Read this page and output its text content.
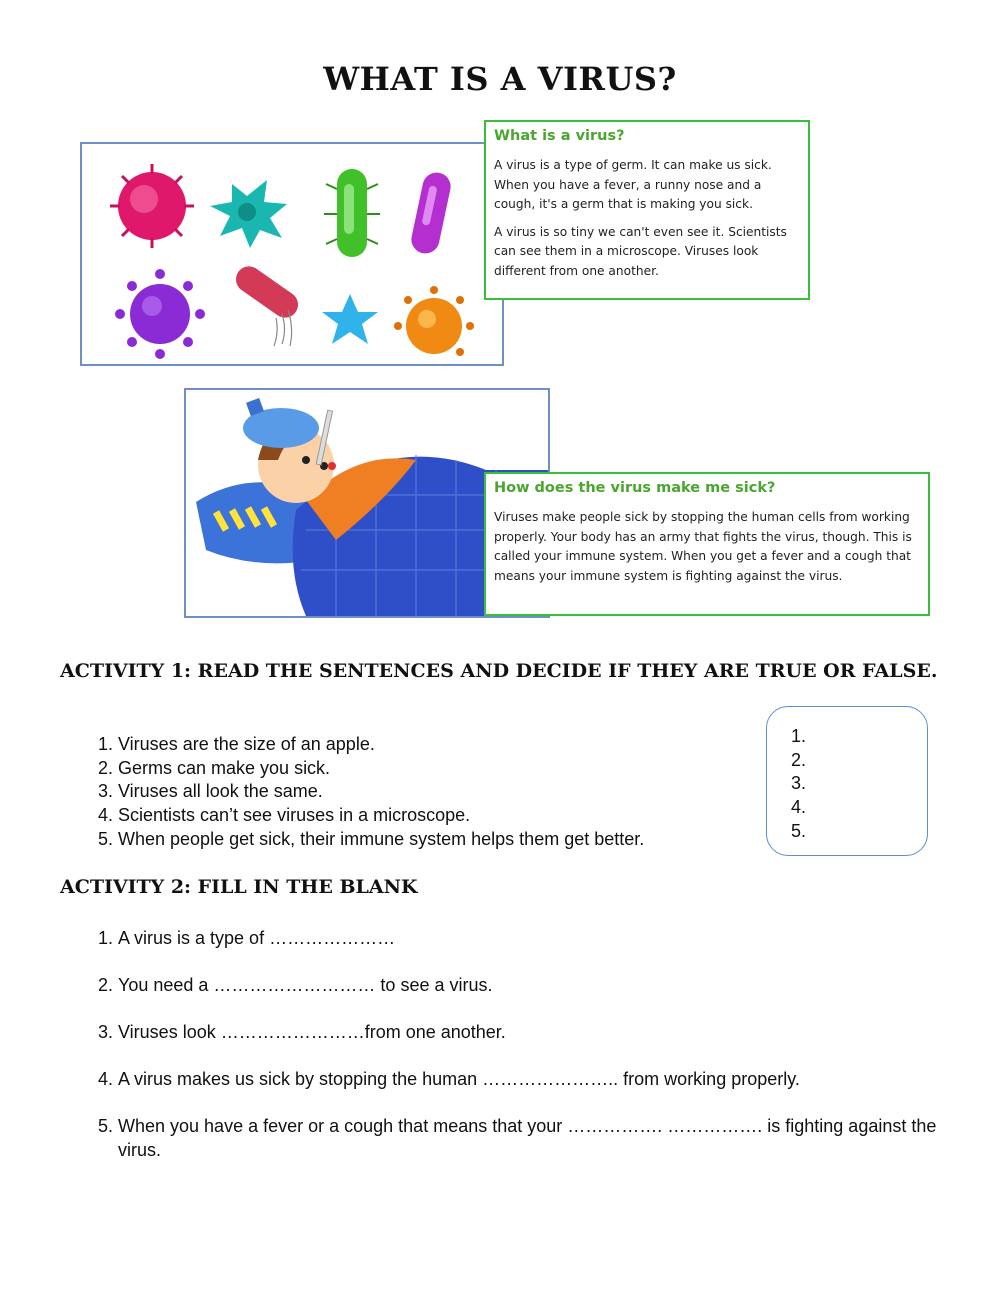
WHAT IS A VIRUS?
What is a virus?

A virus is a type of germ. It can make us sick. When you have a fever, a runny nose and a cough, it's a germ that is making you sick.

A virus is so tiny we can't even see it. Scientists can see them in a microscope. Viruses look different from one another.

How does the virus make me sick?

Viruses make people sick by stopping the human cells from working properly. Your body has an army that fights the virus, though. This is called your immune system. When you get a fever and a cough that means your immune system is fighting against the virus.

ACTIVITY 1: READ THE SENTENCES AND DECIDE IF THEY ARE TRUE OR FALSE.
1. Viruses are the size of an apple.
2. Germs can make you sick.
3. Viruses all look the same.
4. Scientists can’t see viruses in a microscope.
5. When people get sick, their immune system helps them get better.
1.
2.
3.
4.
5.
ACTIVITY 2: FILL IN THE BLANK
1. A virus is a type of …………………
2. You need a ……………………… to see a virus.
3. Viruses look ……………………from one another.
4. A virus makes us sick by stopping the human ………………….. from working properly.
5. When you have a fever or a cough that means that your ……………. ……………. is fighting against the virus.
